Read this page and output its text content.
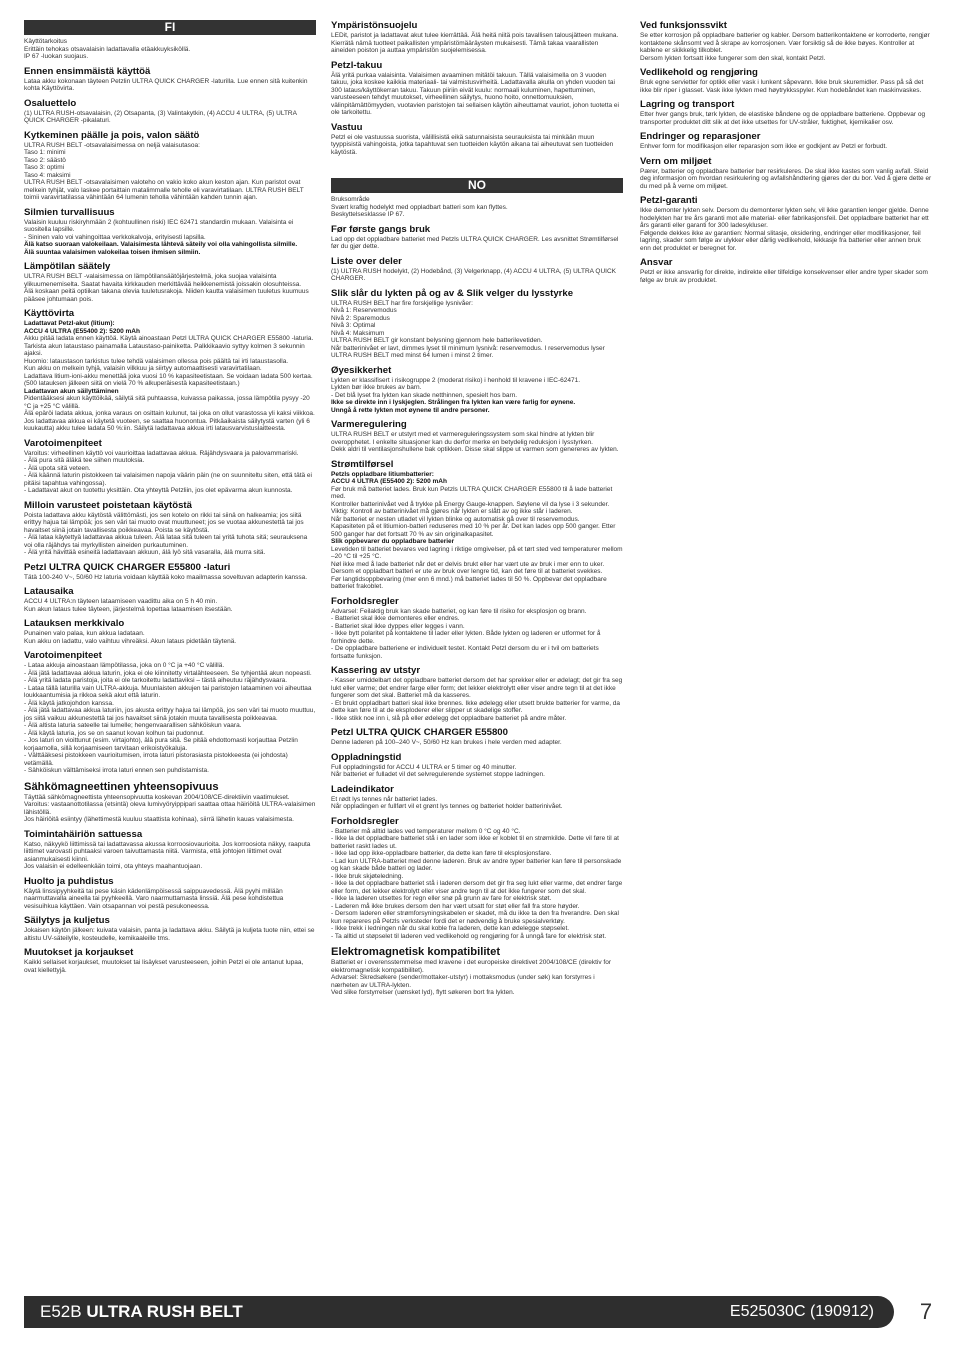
FI

Käyttötarkoitus
Erittäin tehokas otsavalaisin ladattavalla etäakkuyksiköllä.
IP 67 -luokan suojaus.

Ennen ensimmäistä käyttöä

Lataa akku kokonaan täyteen Petzlin ULTRA QUICK CHARGER -laturilla. Lue ennen sitä kuitenkin kohta Käyttövirta.

Osaluettelo

(1) ULTRA RUSH-otsavalaisin, (2) Otsapanta, (3) Valintakytkin, (4) ACCU 4 ULTRA, (5) ULTRA QUICK CHARGER -pikalaturi.

Kytkeminen päälle ja pois, valon säätö

ULTRA RUSH BELT -otsavalaisimessa on neljä valaisutasoa:
Taso 1: minimi
Taso 2: säästö
Taso 3: optimi
Taso 4: maksimi
ULTRA RUSH BELT -otsavalaisimen valoteho on vakio koko akun keston ajan. Kun paristot ovat melkein tyhjät, valo laskee portaittain matalimmalle teholle eli varavirtatilaan. ULTRA RUSH BELT toimii varavirtatilassa vähintään 64 lumenin teholla vähintään kahden tunnin ajan.

Silmien turvallisuus

Valaisin kuuluu riskiryhmään 2 (kohtuullinen riski) IEC 62471 standardin mukaan. Valaisinta ei suositella lapsille.
- Sininen valo voi vahingoittaa verkkokalvoja, erityisesti lapsilla.

Älä katso suoraan valokeilaan. Valaisimesta lähtevä säteily voi olla vahingollista silmille.
Älä suuntaa valaisimen valokeilaa toisen ihmisen silmiin.

Lämpötilan säätely

ULTRA RUSH BELT -valaisimessa on lämpötilansäätöjärjestelmä, joka suojaa valaisinta ylikuumenemiselta. Saatat havaita kirkkauden merkittävää heikkenemistä joissakin olosuhteissa.
Älä koskaan peitä optiikan takana olevia tuuletusrakoja. Niiden kautta valaisimen tuuletus kuumuus pääsee johtumaan pois.

Käyttövirta

Ladattavat Petzl-akut (litium):
ACCU 4 ULTRA (E55400 2): 5200 mAh

Akku pitää ladata ennen käyttöä. Käytä ainoastaan Petzl ULTRA QUICK CHARGER E55800 -laturia.
Tarkista akun lataustaso painamalla Lataustaso-painiketta. Palkkikaavio syttyy kolmen 3 sekunnin ajaksi.
Huomio: lataustason tarkistus tulee tehdä valaisimen ollessa pois päältä tai irti lataustasolla.
Kun akku on melkein tyhjä, valaisin vilkkuu ja siirtyy automaattisesti varavirtatilaan.
Ladattava litium-ioni-akku menettää joka vuosi 10 % kapasiteetistaan. Se voidaan ladata 500 kertaa. (500 latauksen jälkeen siitä on vielä 70 % alkuperäisestä kapasiteetistaan.)

Ladattavan akun säilyttäminen

Pidentääksesi akun käyttöikää, säilytä sitä puhtaassa, kuivassa paikassa, jossa lämpötila pysyy -20 °C ja +25 °C välillä.
Älä epäröi ladata akkua, jonka varaus on osittain kulunut, tai joka on ollut varastossa yli kaksi viikkoa. Jos ladattavaa akkua ei käytetä vuoteen, se saattaa huonontua. Pitkäaikaista säilytystä varten (yli 6 kuukautta) akku tulee ladata 50 %:iin. Säilytä ladattavaa akkua irti latausvarvistuslaitteesta.

Varotoimenpiteet

Varoitus: virheellinen käyttö voi vaurioittaa ladattavaa akkua. Räjähdysvaara ja palovammariski.
- Älä pura sitä äläkä tee siihen muutoksia.
- Älä upota sitä veteen.
- Älä käännä laturin pistokkeen tai valaisimen napoja väärin päin (ne on suunniteltu siten, että tätä ei pitäisi tapahtua vahingossa).
- Ladattavat akut on tuotettu yksittäin. Ota yhteyttä Petzliin, jos olet epävarma akun kunnosta.

Milloin varusteet poistetaan käytöstä

Poista ladattava akku käytöstä välittömästi, jos sen kotelo on rikki tai siinä on halkeamia; jos siitä erittyy hajua tai lämpöä; jos sen väri tai muoto ovat muuttuneet; jos se vuotaa akkunestettä tai jos havaitset siinä jotain tavallisesta poikkeavaa. Poista se käytöstä.
- Älä lataa käytettyä ladattavaa akkua tuleen. Älä lataa sitä tuleen tai yritä tuhota sitä; seurauksena voi olla räjähdys tai myrkyllisten aineiden purkautuminen.
- Älä yritä hävittää esineitä ladattavaan akkuun, älä lyö sitä vasaralla, älä murra sitä.

Petzl ULTRA QUICK CHARGER E55800 -laturi

Tätä 100-240 V~, 50/60 Hz laturia voidaan käyttää koko maailmassa soveltuvan adapterin kanssa.

Latausaika

ACCU 4 ULTRA:n täyteen lataamiseen vaadittu aika on 5 h 40 min.
Kun akun lataus tulee täyteen, järjestelmä lopettaa lataamisen itsestään.

Latauksen merkkivalo

Punainen valo palaa, kun akkua ladataan.
Kun akku on ladattu, valo vaihtuu vihreäksi. Akun lataus pidetään täytenä.

Varotoimenpiteet

- Lataa akkuja ainoastaan lämpötilassa, joka on 0 °C ja +40 °C välillä.
- Älä jätä ladattavaa akkua laturin, joka ei ole kiinnitetty virtalähteeseen. Se tyhjentää akun nopeasti.
- Älä yritä ladata paristoja, joita ei ole tarkoitettu ladattaviksi – tästä aiheutuu räjähdysvaara.
- Lataa tällä laturilla vain ULTRA-akkuja. Muunlaisten akkujen tai paristojen lataaminen voi aiheuttaa loukkaantumisia ja rikkoa sekä akut että laturin.
- Älä käytä jatkojohdon kanssa.
- Älä jätä ladattavaa akkua laturiin, jos akusta erittyy hajua tai lämpöä, jos sen väri tai muoto muuttuu, jos siitä vaikuu akkunestettä tai jos havaitset siinä jotakin muuta tavallisesta poikkeavaa.
- Älä altista laturia sateelle tai lumelle; hengenvaarallisen sähköiskun vaara.
- Älä käytä laturia, jos se on saanut kovan kolhun tai pudonnut.
- Jos laturi on vioittunut (esim. virtajohto), älä pura sitä. Se pitää ehdottomasti korjauttaa Petzlin korjaamolla, sillä korjaamiseen tarvitaan erikoistyökaluja.
- Välttääksesi pistokkeen vaurioitumisen, irrota laturi pistorasiasta pistokkeesta (ei johdosta) vetämällä.
- Sähköiskun välttämiseksi irrota laturi ennen sen puhdistamista.

Sähkömagneettinen yhteensopivuus

Täyttää sähkömagneettista yhteensopivuutta koskevan 2004/108/CE-direktiivin vaatimukset.
Varoitus: vastaanottotilassa (etsintä) oleva lumivyöryippipari saattaa ottaa häiriöitä ULTRA-valaisimen lähistöllä.
Jos häiriöitä esiintyy (lähettimestä kuuluu staattista kohinaa), siirrä lähetin kauas valaisimesta.

Toimintahäiriön sattuessa

Katso, näkyykö liittimissä tai ladattavassa akussa korroosiovaurioita. Jos korroosiota näkyy, raaputa liittimet varovasti puhtaaksi varoen taivuttamasta niitä. Varmista, että johtojen liittimet ovat asianmukaisesti kiinni.
Jos valaisin ei edelleenkään toimi, ota yhteys maahantuojaan.

Huolto ja puhdistus

Käytä linssipyyhkeitä tai pese käsin kädenlämpöisessä saippuavedessä. Älä pyyhi millään naarmuttavalla aineella tai pyyhkeellä. Varo naarmuttamasta linssiä. Älä pese kohdistettua vesisuihkua käyttäen. Vain otsapannan voi pestä pesukoneessa.

Säilytys ja kuljetus

Jokaisen käytön jälkeen: kuivata valaisin, panta ja ladattava akku. Säilytä ja kuljeta tuote niin, ettei se altistu UV-säteilylle, kosteudelle, kemikaaleille tms.

Muutokset ja korjaukset

Kaikki sellaiset korjaukset, muutokset tai lisäykset varusteeseen, joihin Petzl ei ole antanut lupaa, ovat kiellettyjä.

Ympäristönsuojelu

LEDit, paristot ja ladattavat akut tulee kierrättää. Älä heitä niitä pois tavallisen talousjätteen mukana. Kierrätä nämä tuotteet paikallisten ympäristömääräysten mukaisesti. Tämä takaa vaarallisten aineiden poiston ja auttaa ympäristön suojelemisessa.

Petzl-takuu

Älä yritä purkaa valaisinta. Valaisimen avaaminen mitätöi takuun. Tällä valaisimella on 3 vuoden takuu, joka koskee kaikkia materiaali- tai valmistusvirheitä. Ladattavalla akulla on yhden vuoden tai 300 lataus/käyttökerran takuu. Takuun piiriin eivät kuulu: normaali kuluminen, hapettuminen, varusteeseen tehdyt muutokset, virheellinen säilytys, huono hoito, onnettomuuksien, välinpitämättömyyden, vuotavien paristojen tai sellaisen käytön aiheuttamat vauriot, johon tuotetta ei ole tarkoitettu.

Vastuu

Petzl ei ole vastuussa suorista, välillisistä eikä satunnaisista seurauksista tai minkään muun tyyppisistä vahingoista, jotka tapahtuvat sen tuotteiden käytön aikana tai aiheutuvat sen tuotteiden käytöstä.

NO

Bruksområde
Svært kraftig hodelykt med oppladbart batteri som kan flyttes.
Beskyttelsesklasse IP 67.

Før første gangs bruk

Lad opp det oppladbare batteriet med Petzls ULTRA QUICK CHARGER. Les avsnittet Strømtilførsel før du gjør dette.

Liste over deler

(1) ULTRA RUSH hodelykt, (2) Hodebånd, (3) Velgerknapp, (4) ACCU 4 ULTRA, (5) ULTRA QUICK CHARGER.

Slik slår du lykten på og av & Slik velger du lysstyrke

ULTRA RUSH BELT har fire forskjellige lysnivåer:
Nivå 1: Reservemodus
Nivå 2: Sparemodus
Nivå 3: Optimal
Nivå 4: Maksimum
ULTRA RUSH BELT gir konstant belysning gjennom hele batterilevetiden.
Når batterinivået er lavt, dimmes lyset til minimum lysnivå: reservemodus. I reservemodus lyser ULTRA RUSH BELT med minst 64 lumen i minst 2 timer.

Øyesikkerhet

Lykten er klassifisert i risikogruppe 2 (moderat risiko) i henhold til kravene i IEC-62471.
Lykten bør ikke brukes av barn.
- Det blå lyset fra lykten kan skade netthinnen, spesielt hos barn.

Ikke se direkte inn i lyskjeglen. Strålingen fra lykten kan være farlig for øynene.
Unngå å rette lykten mot øynene til andre personer.

Varmeregulering

ULTRA RUSH BELT er utstyrt med et varmereguleringssystem som skal hindre at lykten blir overopphetet. I enkelte situasjoner kan du derfor merke en betydelig reduksjon i lysstyrken.
Dekk aldri til ventilasjonshullene bak optikken. Disse skal slippe ut varmen som genereres av lykten.

Strømtilførsel

Petzls oppladbare litiumbatterier:
ACCU 4 ULTRA (E55400 2): 5200 mAh

Før bruk må batteriet lades. Bruk kun Petzls ULTRA QUICK CHARGER E55800 til å lade batteriet med.
Kontroller batterinivået ved å trykke på Energy Gauge-knappen. Søylene vil da lyse i 3 sekunder.
Viktig: Kontroll av batterinivået må gjøres når lykten er slått av og ikke står i laderen.
Når batteriet er nesten utladet vil lykten blinke og automatisk gå over til reservemodus.
Kapasiteten på et litiumion-batteri reduseres med 10 % per år. Det kan lades opp 500 ganger. Etter 500 ganger har det fortsatt 70 % av sin originalkapasitet.

Slik oppbevarer du oppladbare batterier

Levetiden til batteriet bevares ved lagring i riktige omgivelser, på et tørt sted ved temperaturer mellom –20 °C til +25 °C.
Nøl ikke med å lade batteriet når det er delvis brukt eller har vært ute av bruk i mer enn to uker. Dersom et oppladbart batteri er ute av bruk over lengre tid, kan det føre til at batteriet svekkes.
Før langtidsoppbevaring (mer enn 6 mnd.) må batteriet lades til 50 %. Oppbevar det oppladbare batteriet frakoblet.

Forholdsregler

Advarsel: Feilaktig bruk kan skade batteriet, og kan føre til risiko for eksplosjon og brann.
- Batteriet skal ikke demonteres eller endres.
- Batteriet skal ikke dyppes eller legges i vann.
- Ikke bytt polaritet på kontaktene til lader eller lykten. Både lykten og laderen er utformet for å forhindre dette.
- De oppladbare batteriene er individuelt testet. Kontakt Petzl dersom du er i tvil om batteriets fortsatte funksjon.

Kassering av utstyr

- Kasser umiddelbart det oppladbare batteriet dersom det har sprekker eller er ødelagt; det gir fra seg lukt eller varme; det endrer farge eller form; det lekker elektrolytt eller viser andre tegn til at det ikke fungerer som det skal. Batteriet må da kasseres.
- Et brukt oppladbart batteri skal ikke brennes. Ikke ødelegg eller utsett brukte batterier for varme, da dette kan føre til at de eksploderer eller slipper ut skadelige stoffer.
- Ikke stikk noe inn i, slå på eller ødelegg det oppladbare batteriet på andre måter.

Petzl ULTRA QUICK CHARGER E55800

Denne laderen på 100–240 V~, 50/60 Hz kan brukes i hele verden med adapter.

Oppladningstid

Full oppladningstid for ACCU 4 ULTRA er 5 timer og 40 minutter.
Når batteriet er fulladet vil det selvregulerende systemet stoppe ladningen.

Ladeindikator

Et rødt lys tennes når batteriet lades.
Når oppladingen er fullført vil et grønt lys tennes og batteriet holder batterinivået.

Forholdsregler

- Batterier må alltid lades ved temperaturer mellom 0 °C og 40 °C.
- Ikke la det oppladbare batteriet stå i en lader som ikke er koblet til en strømkilde. Dette vil føre til at batteriet raskt lades ut.
- Ikke lad opp ikke-oppladbare batterier, da dette kan føre til eksplosjonsfare.
- Lad kun ULTRA-batteriet med denne laderen. Bruk av andre typer batterier kan føre til personskade og kan skade både batteri og lader.
- Ikke bruk skjøteledning.
- Ikke la det oppladbare batteriet stå i laderen dersom det gir fra seg lukt eller varme, det endrer farge eller form, det lekker elektrolytt eller viser andre tegn til at det ikke fungerer som det skal.
- Ikke la laderen utsettes for regn eller snø på grunn av fare for elektrisk støt.
- Laderen må ikke brukes dersom den har vært utsatt for støt eller fall fra store høyder.
- Dersom laderen eller strømforsyningskabelen er skadet, må du ikke ta den fra hverandre. Den skal kun repareres på Petzls verksteder fordi det er nødvendig å bruke spesialverktøy.
- Ikke trekk i ledningen når du skal koble fra laderen, dette kan ødelegge støpselet.
- Ta alltid ut støpselet til laderen ved vedlikehold og rengjøring for å unngå fare for elektrisk støt.

Elektromagnetisk kompatibilitet

Batteriet er i overensstemmelse med kravene i det europeiske direktivet 2004/108/CE (direktiv for elektromagnetisk kompatibilitet).
Advarsel: Skredsøkere (sender/mottaker-utstyr) i mottaksmodus (under søk) kan forstyrres i nærheten av ULTRA-lykten.
Ved slike forstyrrelser (uønsket lyd), flytt søkeren bort fra lykten.

Ved funksjonssvikt

Se etter korrosjon på oppladbare batterier og kabler. Dersom batterikontaktene er korroderte, rengjør kontaktene skånsomt ved å skrape av korrosjonen. Vær forsiktig så de ikke bøyes. Kontroller at kablene er skikkelig tilkoblet.
Dersom lykten fortsatt ikke fungerer som den skal, kontakt Petzl.

Vedlikehold og rengjøring

Bruk egne servietter for optikk eller vask i lunkent såpevann. Ikke bruk skuremidler. Pass på så det ikke blir riper i glasset. Vask ikke lykten med høytrykksspyler. Kun hodebåndet kan maskinvaskes.

Lagring og transport

Etter hver gangs bruk, tørk lykten, de elastiske båndene og de oppladbare batteriene. Oppbevar og transporter produktet ditt slik at det ikke utsettes for UV-stråler, fuktighet, kjemikalier osv.

Endringer og reparasjoner

Enhver form for modifikasjon eller reparasjon som ikke er godkjent av Petzl er forbudt.

Vern om miljøet

Pærer, batterier og oppladbare batterier bør resirkuleres. De skal ikke kastes som vanlig avfall. Sleid deg informasjon om hvordan resirkulering og avfallshåndtering gjøres der du bor. Ved å gjøre dette er du med på å verne om miljøet.

Petzl-garanti

Ikke demonter lykten selv. Dersom du demonterer lykten selv, vil ikke garantien lenger gjelde. Denne hodelykten har tre års garanti mot alle material- eller fabrikasjonsfeil. Det oppladbare batteriet har ett års garanti eller garanti for 300 ladesykluser.
Følgende dekkes ikke av garantien: Normal slitasje, oksidering, endringer eller modifikasjoner, feil lagring, skader som følge av ulykker eller dårlig vedlikehold, lekkasje fra batterier eller annen bruk enn det produktet er beregnet for.

Ansvar

Petzl er ikke ansvarlig for direkte, indirekte eller tilfeldige konsekvenser eller andre typer skader som følge av bruk av produktet.

E52B ULTRA RUSH BELT	E525030C (190912)	7
